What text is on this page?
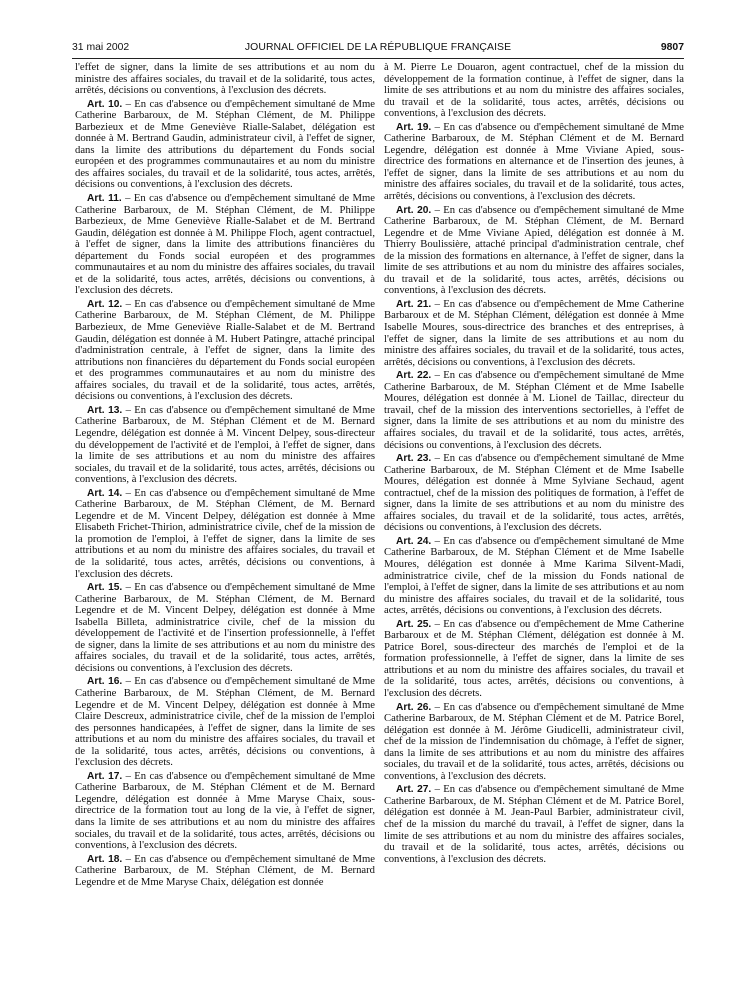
31 mai 2002	JOURNAL OFFICIEL DE LA RÉPUBLIQUE FRANÇAISE	9807

l'effet de signer, dans la limite de ses attributions et au nom du ministre des affaires sociales, du travail et de la solidarité, tous actes, arrêtés, décisions ou conventions, à l'exclusion des décrets.

Art. 10. – En cas d'absence ou d'empêchement simultané de Mme Catherine Barbaroux, de M. Stéphan Clément, de M. Philippe Barbezieux et de Mme Geneviève Rialle-Salabet, délégation est donnée à M. Bertrand Gaudin, administrateur civil, à l'effet de signer, dans la limite des attributions du département du Fonds social européen et des programmes communautaires et au nom du ministre des affaires sociales, du travail et de la solidarité, tous actes, arrêtés, décisions ou conventions, à l'exclusion des décrets.

Art. 11. – En cas d'absence ou d'empêchement simultané de Mme Catherine Barbaroux, de M. Stéphan Clément, de M. Philippe Barbezieux, de Mme Geneviève Rialle-Salabet et de M. Bertrand Gaudin, délégation est donnée à M. Philippe Floch, agent contractuel, à l'effet de signer, dans la limite des attributions financières du département du Fonds social européen et des programmes communautaires et au nom du ministre des affaires sociales, du travail et de la solidarité, tous actes, arrêtés, décisions ou conventions, à l'exclusion des décrets.

Art. 12. – En cas d'absence ou d'empêchement simultané de Mme Catherine Barbaroux, de M. Stéphan Clément, de M. Philippe Barbezieux, de Mme Geneviève Rialle-Salabet et de M. Bertrand Gaudin, délégation est donnée à M. Hubert Patingre, attaché principal d'administration centrale, à l'effet de signer, dans la limite des attributions non financières du département du Fonds social européen et des programmes communautaires et au nom du ministre des affaires sociales, du travail et de la solidarité, tous actes, arrêtés, décisions ou conventions, à l'exclusion des décrets.

Art. 13. – En cas d'absence ou d'empêchement simultané de Mme Catherine Barbaroux, de M. Stéphan Clément et de M. Bernard Legendre, délégation est donnée à M. Vincent Delpey, sous-directeur du développement de l'activité et de l'emploi, à l'effet de signer, dans la limite de ses attributions et au nom du ministre des affaires sociales, du travail et de la solidarité, tous actes, arrêtés, décisions ou conventions, à l'exclusion des décrets.

Art. 14. – En cas d'absence ou d'empêchement simultané de Mme Catherine Barbaroux, de M. Stéphan Clément, de M. Bernard Legendre et de M. Vincent Delpey, délégation est donnée à Mme Elisabeth Frichet-Thirion, administratrice civile, chef de la mission de la promotion de l'emploi, à l'effet de signer, dans la limite de ses attributions et au nom du ministre des affaires sociales, du travail et de la solidarité, tous actes, arrêtés, décisions ou conventions, à l'exclusion des décrets.

Art. 15. – En cas d'absence ou d'empêchement simultané de Mme Catherine Barbaroux, de M. Stéphan Clément, de M. Bernard Legendre et de M. Vincent Delpey, délégation est donnée à Mme Isabella Billeta, administratrice civile, chef de la mission du développement de l'activité et de l'insertion professionnelle, à l'effet de signer, dans la limite de ses attributions et au nom du ministre des affaires sociales, du travail et de la solidarité, tous actes, arrêtés, décisions ou conventions, à l'exclusion des décrets.

Art. 16. – En cas d'absence ou d'empêchement simultané de Mme Catherine Barbaroux, de M. Stéphan Clément, de M. Bernard Legendre et de M. Vincent Delpey, délégation est donnée à Mme Claire Descreux, administratrice civile, chef de la mission de l'emploi des personnes handicapées, à l'effet de signer, dans la limite de ses attributions et au nom du ministre des affaires sociales, du travail et de la solidarité, tous actes, arrêtés, décisions ou conventions, à l'exclusion des décrets.

Art. 17. – En cas d'absence ou d'empêchement simultané de Mme Catherine Barbaroux, de M. Stéphan Clément et de M. Bernard Legendre, délégation est donnée à Mme Maryse Chaix, sous-directrice de la formation tout au long de la vie, à l'effet de signer, dans la limite de ses attributions et au nom du ministre des affaires sociales, du travail et de la solidarité, tous actes, arrêtés, décisions ou conventions, à l'exclusion des décrets.

Art. 18. – En cas d'absence ou d'empêchement simultané de Mme Catherine Barbaroux, de M. Stéphan Clément, de M. Bernard Legendre et de Mme Maryse Chaix, délégation est donnée

à M. Pierre Le Douaron, agent contractuel, chef de la mission du développement de la formation continue, à l'effet de signer, dans la limite de ses attributions et au nom du ministre des affaires sociales, du travail et de la solidarité, tous actes, arrêtés, décisions ou conventions, à l'exclusion des décrets.

Art. 19. – En cas d'absence ou d'empêchement simultané de Mme Catherine Barbaroux, de M. Stéphan Clément et de M. Bernard Legendre, délégation est donnée à Mme Viviane Apied, sous-directrice des formations en alternance et de l'insertion des jeunes, à l'effet de signer, dans la limite de ses attributions et au nom du ministre des affaires sociales, du travail et de la solidarité, tous actes, arrêtés, décisions ou conventions, à l'exclusion des décrets.

Art. 20. – En cas d'absence ou d'empêchement simultané de Mme Catherine Barbaroux, de M. Stéphan Clément, de M. Bernard Legendre et de Mme Viviane Apied, délégation est donnée à M. Thierry Boulissière, attaché principal d'administration centrale, chef de la mission des formations en alternance, à l'effet de signer, dans la limite de ses attributions et au nom du ministre des affaires sociales, du travail et de la solidarité, tous actes, arrêtés, décisions ou conventions, à l'exclusion des décrets.

Art. 21. – En cas d'absence ou d'empêchement de Mme Catherine Barbaroux et de M. Stéphan Clément, délégation est donnée à Mme Isabelle Moures, sous-directrice des branches et des entreprises, à l'effet de signer, dans la limite de ses attributions et au nom du ministre des affaires sociales, du travail et de la solidarité, tous actes, arrêtés, décisions ou conventions, à l'exclusion des décrets.

Art. 22. – En cas d'absence ou d'empêchement simultané de Mme Catherine Barbaroux, de M. Stéphan Clément et de Mme Isabelle Moures, délégation est donnée à M. Lionel de Taillac, directeur du travail, chef de la mission des interventions sectorielles, à l'effet de signer, dans la limite de ses attributions et au nom du ministre des affaires sociales, du travail et de la solidarité, tous actes, arrêtés, décisions ou conventions, à l'exclusion des décrets.

Art. 23. – En cas d'absence ou d'empêchement simultané de Mme Catherine Barbaroux, de M. Stéphan Clément et de Mme Isabelle Moures, délégation est donnée à Mme Sylviane Sechaud, agent contractuel, chef de la mission des politiques de formation, à l'effet de signer, dans la limite de ses attributions et au nom du ministre des affaires sociales, du travail et de la solidarité, tous actes, arrêtés, décisions ou conventions, à l'exclusion des décrets.

Art. 24. – En cas d'absence ou d'empêchement simultané de Mme Catherine Barbaroux, de M. Stéphan Clément et de Mme Isabelle Moures, délégation est donnée à Mme Karima Silvent-Madi, administratrice civile, chef de la mission du Fonds national de l'emploi, à l'effet de signer, dans la limite de ses attributions et au nom du ministre des affaires sociales, du travail et de la solidarité, tous actes, arrêtés, décisions ou conventions, à l'exclusion des décrets.

Art. 25. – En cas d'absence ou d'empêchement de Mme Catherine Barbaroux et de M. Stéphan Clément, délégation est donnée à M. Patrice Borel, sous-directeur des marchés de l'emploi et de la formation professionnelle, à l'effet de signer, dans la limite de ses attributions et au nom du ministre des affaires sociales, du travail et de la solidarité, tous actes, arrêtés, décisions ou conventions, à l'exclusion des décrets.

Art. 26. – En cas d'absence ou d'empêchement simultané de Mme Catherine Barbaroux, de M. Stéphan Clément et de M. Patrice Borel, délégation est donnée à M. Jérôme Giudicelli, administrateur civil, chef de la mission de l'indemnisation du chômage, à l'effet de signer, dans la limite de ses attributions et au nom du ministre des affaires sociales, du travail et de la solidarité, tous actes, arrêtés, décisions ou conventions, à l'exclusion des décrets.

Art. 27. – En cas d'absence ou d'empêchement simultané de Mme Catherine Barbaroux, de M. Stéphan Clément et de M. Patrice Borel, délégation est donnée à M. Jean-Paul Barbier, administrateur civil, chef de la mission du marché du travail, à l'effet de signer, dans la limite de ses attributions et au nom du ministre des affaires sociales, du travail et de la solidarité, tous actes, arrêtés, décisions ou conventions, à l'exclusion des décrets.
